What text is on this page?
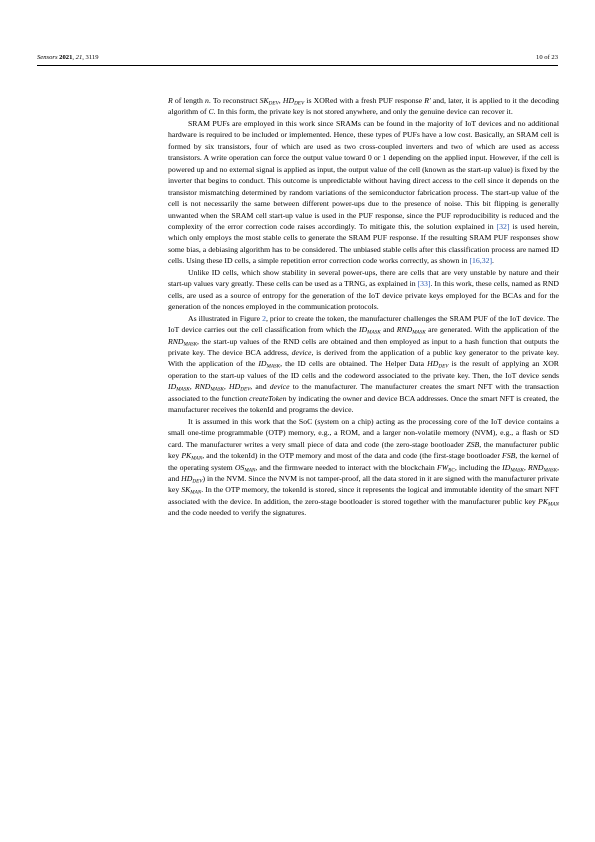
Sensors 2021, 21, 3119	10 of 23

R of length n. To reconstruct $SK_{DEV}$, $HD_{DEV}$ is XORed with a fresh PUF response R′ and, later, it is applied to it the decoding algorithm of C. In this form, the private key is not stored anywhere, and only the genuine device can recover it.

SRAM PUFs are employed in this work since SRAMs can be found in the majority of IoT devices and no additional hardware is required to be included or implemented. Hence, these types of PUFs have a low cost. Basically, an SRAM cell is formed by six transistors, four of which are used as two cross-coupled inverters and two of which are used as access transistors. A write operation can force the output value toward 0 or 1 depending on the applied input. However, if the cell is powered up and no external signal is applied as input, the output value of the cell (known as the start-up value) is fixed by the inverter that begins to conduct. This outcome is unpredictable without having direct access to the cell since it depends on the transistor mismatching determined by random variations of the semiconductor fabrication process. The start-up value of the cell is not necessarily the same between different power-ups due to the presence of noise. This bit flipping is generally unwanted when the SRAM cell start-up value is used in the PUF response, since the PUF reproducibility is reduced and the complexity of the error correction code raises accordingly. To mitigate this, the solution explained in [32] is used herein, which only employs the most stable cells to generate the SRAM PUF response. If the resulting SRAM PUF responses show some bias, a debiasing algorithm has to be considered. The unbiased stable cells after this classification process are named ID cells. Using these ID cells, a simple repetition error correction code works correctly, as shown in [16,32].

Unlike ID cells, which show stability in several power-ups, there are cells that are very unstable by nature and their start-up values vary greatly. These cells can be used as a TRNG, as explained in [33]. In this work, these cells, named as RND cells, are used as a source of entropy for the generation of the IoT device private keys employed for the BCAs and for the generation of the nonces employed in the communication protocols.

As illustrated in Figure 2, prior to create the token, the manufacturer challenges the SRAM PUF of the IoT device. The IoT device carries out the cell classification from which the $ID_{MASK}$ and $RND_{MASK}$ are generated. With the application of the $RND_{MASK}$, the start-up values of the RND cells are obtained and then employed as input to a hash function that outputs the private key. The device BCA address, device, is derived from the application of a public key generator to the private key. With the application of the $ID_{MASK}$, the ID cells are obtained. The Helper Data $HD_{DEV}$ is the result of applying an XOR operation to the start-up values of the ID cells and the codeword associated to the private key. Then, the IoT device sends $ID_{MASK}$, $RND_{MASK}$, $HD_{DEV}$, and device to the manufacturer. The manufacturer creates the smart NFT with the transaction associated to the function createToken by indicating the owner and device BCA addresses. Once the smart NFT is created, the manufacturer receives the tokenId and programs the device.

It is assumed in this work that the SoC (system on a chip) acting as the processing core of the IoT device contains a small one-time programmable (OTP) memory, e.g., a ROM, and a larger non-volatile memory (NVM), e.g., a flash or SD card. The manufacturer writes a very small piece of data and code (the zero-stage bootloader ZSB, the manufacturer public key $PK_{MAN}$, and the tokenId) in the OTP memory and most of the data and code (the first-stage bootloader FSB, the kernel of the operating system $OS_{MAN}$, and the firmware needed to interact with the blockchain $FW_{BC}$, including the $ID_{MASK}$, $RND_{MASK}$, and $HD_{DEV}$) in the NVM. Since the NVM is not tamper-proof, all the data stored in it are signed with the manufacturer private key $SK_{MAN}$. In the OTP memory, the tokenId is stored, since it represents the logical and immutable identity of the smart NFT associated with the device. In addition, the zero-stage bootloader is stored together with the manufacturer public key $PK_{MAN}$ and the code needed to verify the signatures.
